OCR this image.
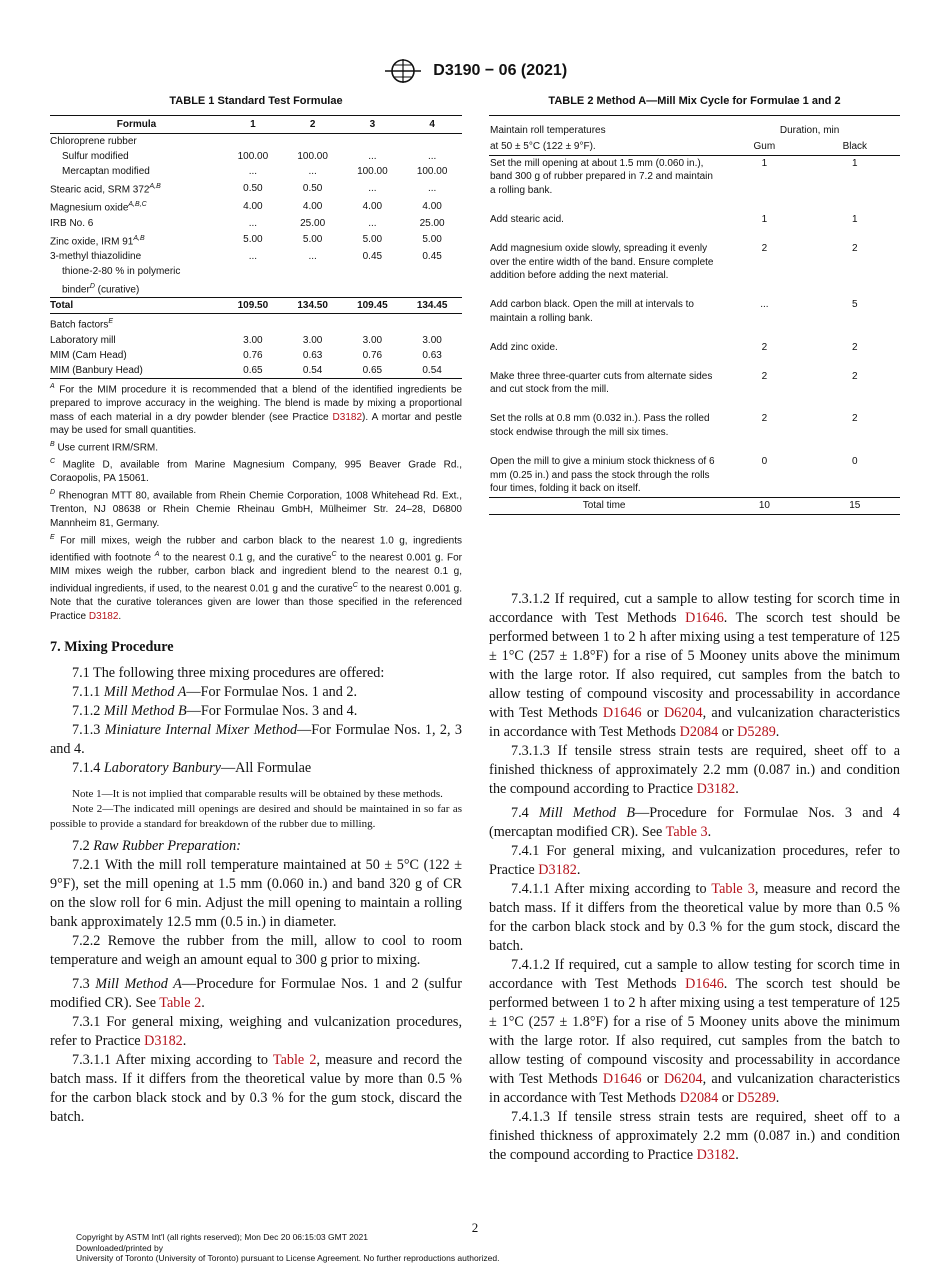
D3190 − 06 (2021)
TABLE 1 Standard Test Formulae
Formula	1	2	3	4
Chloroprene rubber				
Sulfur modified	100.00	100.00	...	...
Mercaptan modified	...	...	100.00	100.00
Stearic acid, SRM $372^{A,B}$	0.50	0.50	...	...
Magnesium oxide$^{A,B,C}$	4.00	4.00	4.00	4.00
IRB No. 6	...	25.00	...	25.00
Zinc oxide, IRM $91^{A,B}$	5.00	5.00	5.00	5.00
3-methyl thiazolidine	...	...	0.45	0.45
thione-2-80 % in polymeric				
binder$^D$ (curative)				
Total	109.50	134.50	109.45	134.45
Batch factors$^E$				
Laboratory mill	3.00	3.00	3.00	3.00
MIM (Cam Head)	0.76	0.63	0.76	0.63
MIM (Banbury Head)	0.65	0.54	0.65	0.54

$^A$ For the MIM procedure it is recommended that a blend of the identified ingredients be prepared to improve accuracy in the weighing. The blend is made by mixing a proportional mass of each material in a dry powder blender (see Practice D3182). A mortar and pestle may be used for small quantities.

$^B$ Use current IRM/SRM.

$^C$ Maglite D, available from Marine Magnesium Company, 995 Beaver Grade Rd., Coraopolis, PA 15061.

$^D$ Rhenogran MTT 80, available from Rhein Chemie Corporation, 1008 Whitehead Rd. Ext., Trenton, NJ 08638 or Rhein Chemie Rheinau GmbH, Mülheimer Str. 24–28, D6800 Mannheim 81, Germany.

$^E$ For mill mixes, weigh the rubber and carbon black to the nearest 1.0 g, ingredients identified with footnote $^A$ to the nearest 0.1 g, and the curative$^C$ to the nearest 0.001 g. For MIM mixes weigh the rubber, carbon black and ingredient blend to the nearest 0.1 g, individual ingredients, if used, to the nearest 0.01 g and the curative$^C$ to the nearest 0.001 g. Note that the curative tolerances given are lower than those specified in the referenced Practice D3182.

TABLE 2 Method A—Mill Mix Cycle for Formulae 1 and 2
Maintain roll temperatures	Duration, min	
at 50 ± 5°C (122 ± 9°F).	Gum	Black
Set the mill opening at about 1.5 mm (0.060 in.), band 300 g of rubber prepared in 7.2 and maintain a rolling bank.	1	1
Add stearic acid.	1	1
Add magnesium oxide slowly, spreading it evenly over the entire width of the band. Ensure complete addition before adding the next material.	2	2
Add carbon black. Open the mill at intervals to maintain a rolling bank.	...	5
Add zinc oxide.	2	2
Make three three-quarter cuts from alternate sides and cut stock from the mill.	2	2
Set the rolls at 0.8 mm (0.032 in.). Pass the rolled stock endwise through the mill six times.	2	2
Open the mill to give a minium stock thickness of 6 mm (0.25 in.) and pass the stock through the rolls four times, folding it back on itself.	0	0
Total time	10	15
7. Mixing Procedure

7.1 The following three mixing procedures are offered:

7.1.1 Mill Method A—For Formulae Nos. 1 and 2.

7.1.2 Mill Method B—For Formulae Nos. 3 and 4.

7.1.3 Miniature Internal Mixer Method—For Formulae Nos. 1, 2, 3 and 4.

7.1.4 Laboratory Banbury—All Formulae

Note 1—It is not implied that comparable results will be obtained by these methods.

Note 2—The indicated mill openings are desired and should be maintained in so far as possible to provide a standard for breakdown of the rubber due to milling.

7.2 Raw Rubber Preparation:

7.2.1 With the mill roll temperature maintained at 50 ± 5°C (122 ± 9°F), set the mill opening at 1.5 mm (0.060 in.) and band 320 g of CR on the slow roll for 6 min. Adjust the mill opening to maintain a rolling bank approximately 12.5 mm (0.5 in.) in diameter.

7.2.2 Remove the rubber from the mill, allow to cool to room temperature and weigh an amount equal to 300 g prior to mixing.

7.3 Mill Method A—Procedure for Formulae Nos. 1 and 2 (sulfur modified CR). See Table 2.

7.3.1 For general mixing, weighing and vulcanization procedures, refer to Practice D3182.

7.3.1.1 After mixing according to Table 2, measure and record the batch mass. If it differs from the theoretical value by more than 0.5 % for the carbon black stock and by 0.3 % for the gum stock, discard the batch.

7.3.1.2 If required, cut a sample to allow testing for scorch time in accordance with Test Methods D1646. The scorch test should be performed between 1 to 2 h after mixing using a test temperature of 125 ± 1°C (257 ± 1.8°F) for a rise of 5 Mooney units above the minimum with the large rotor. If also required, cut samples from the batch to allow testing of compound viscosity and processability in accordance with Test Methods D1646 or D6204, and vulcanization characteristics in accordance with Test Methods D2084 or D5289.

7.3.1.3 If tensile stress strain tests are required, sheet off to a finished thickness of approximately 2.2 mm (0.087 in.) and condition the compound according to Practice D3182.

7.4 Mill Method B—Procedure for Formulae Nos. 3 and 4 (mercaptan modified CR). See Table 3.

7.4.1 For general mixing, and vulcanization procedures, refer to Practice D3182.

7.4.1.1 After mixing according to Table 3, measure and record the batch mass. If it differs from the theoretical value by more than 0.5 % for the carbon black stock and by 0.3 % for the gum stock, discard the batch.

7.4.1.2 If required, cut a sample to allow testing for scorch time in accordance with Test Methods D1646. The scorch test should be performed between 1 to 2 h after mixing using a test temperature of 125 ± 1°C (257 ± 1.8°F) for a rise of 5 Mooney units above the minimum with the large rotor. If also required, cut samples from the batch to allow testing of compound viscosity and processability in accordance with Test Methods D1646 or D6204, and vulcanization characteristics in accordance with Test Methods D2084 or D5289.

7.4.1.3 If tensile stress strain tests are required, sheet off to a finished thickness of approximately 2.2 mm (0.087 in.) and condition the compound according to Practice D3182.

2
Copyright by ASTM Int'l (all rights reserved); Mon Dec 20 06:15:03 GMT 2021
Downloaded/printed by
University of Toronto (University of Toronto) pursuant to License Agreement. No further reproductions authorized.
